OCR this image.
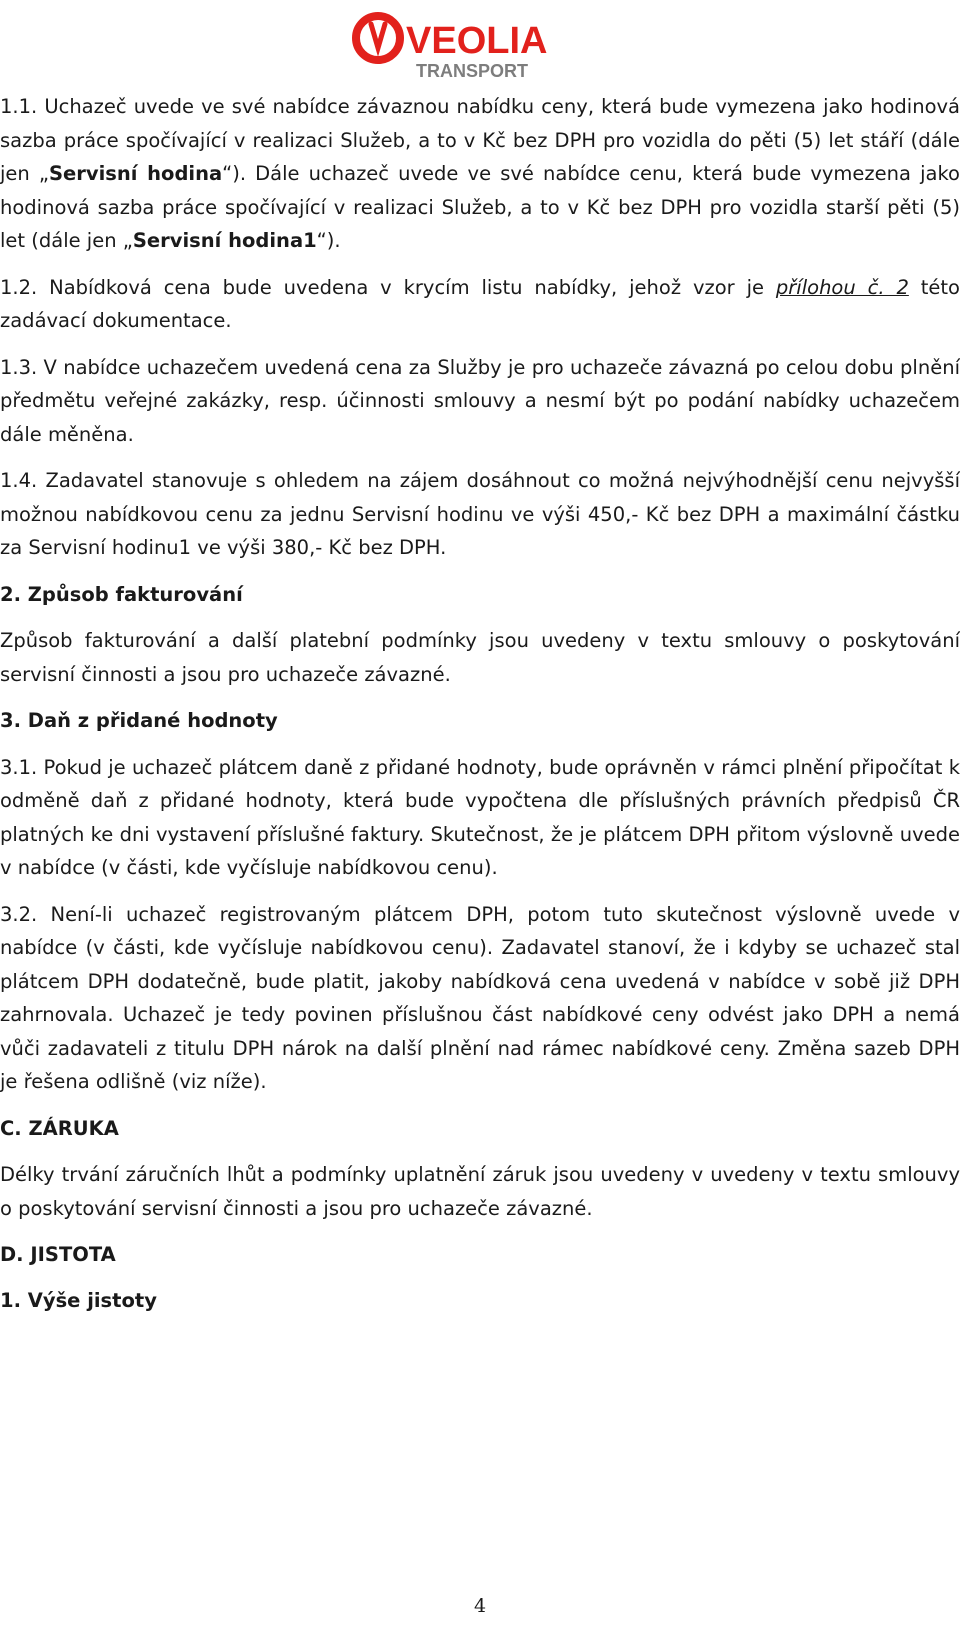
VEOLIA
TRANSPORT

1.1. Uchazeč uvede ve své nabídce závaznou nabídku ceny, která bude vymezena jako hodinová sazba práce spočívající v realizaci Služeb, a to v Kč bez DPH pro vozidla do pěti (5) let stáří (dále jen „Servisní hodina“). Dále uchazeč uvede ve své nabídce cenu, která bude vymezena jako hodinová sazba práce spočívající v realizaci Služeb, a to v Kč bez DPH pro vozidla starší pěti (5) let (dále jen „Servisní hodina1“).

1.2. Nabídková cena bude uvedena v krycím listu nabídky, jehož vzor je přílohou č. 2 této zadávací dokumentace.

1.3. V nabídce uchazečem uvedená cena za Služby je pro uchazeče závazná po celou dobu plnění předmětu veřejné zakázky, resp. účinnosti smlouvy a nesmí být po podání nabídky uchazečem dále měněna.

1.4. Zadavatel stanovuje s ohledem na zájem dosáhnout co možná nejvýhodnější cenu nejvyšší možnou nabídkovou cenu za jednu Servisní hodinu ve výši 450,- Kč bez DPH a maximální částku za Servisní hodinu1 ve výši 380,- Kč bez DPH.

2. Způsob fakturování

Způsob fakturování a další platební podmínky jsou uvedeny v textu smlouvy o poskytování servisní činnosti a jsou pro uchazeče závazné.

3. Daň z přidané hodnoty

3.1. Pokud je uchazeč plátcem daně z přidané hodnoty, bude oprávněn v rámci plnění připočítat k odměně daň z přidané hodnoty, která bude vypočtena dle příslušných právních předpisů ČR platných ke dni vystavení příslušné faktury. Skutečnost, že je plátcem DPH přitom výslovně uvede v nabídce (v části, kde vyčísluje nabídkovou cenu).

3.2. Není-li uchazeč registrovaným plátcem DPH, potom tuto skutečnost výslovně uvede v nabídce (v části, kde vyčísluje nabídkovou cenu). Zadavatel stanoví, že i kdyby se uchazeč stal plátcem DPH dodatečně, bude platit, jakoby nabídková cena uvedená v nabídce v sobě již DPH zahrnovala. Uchazeč je tedy povinen příslušnou část nabídkové ceny odvést jako DPH a nemá vůči zadavateli z titulu DPH nárok na další plnění nad rámec nabídkové ceny. Změna sazeb DPH je řešena odlišně (viz níže).

C. ZÁRUKA

Délky trvání záručních lhůt a podmínky uplatnění záruk jsou uvedeny v uvedeny v textu smlouvy o poskytování servisní činnosti a jsou pro uchazeče závazné.

D. JISTOTA
1. Výše jistoty
4
